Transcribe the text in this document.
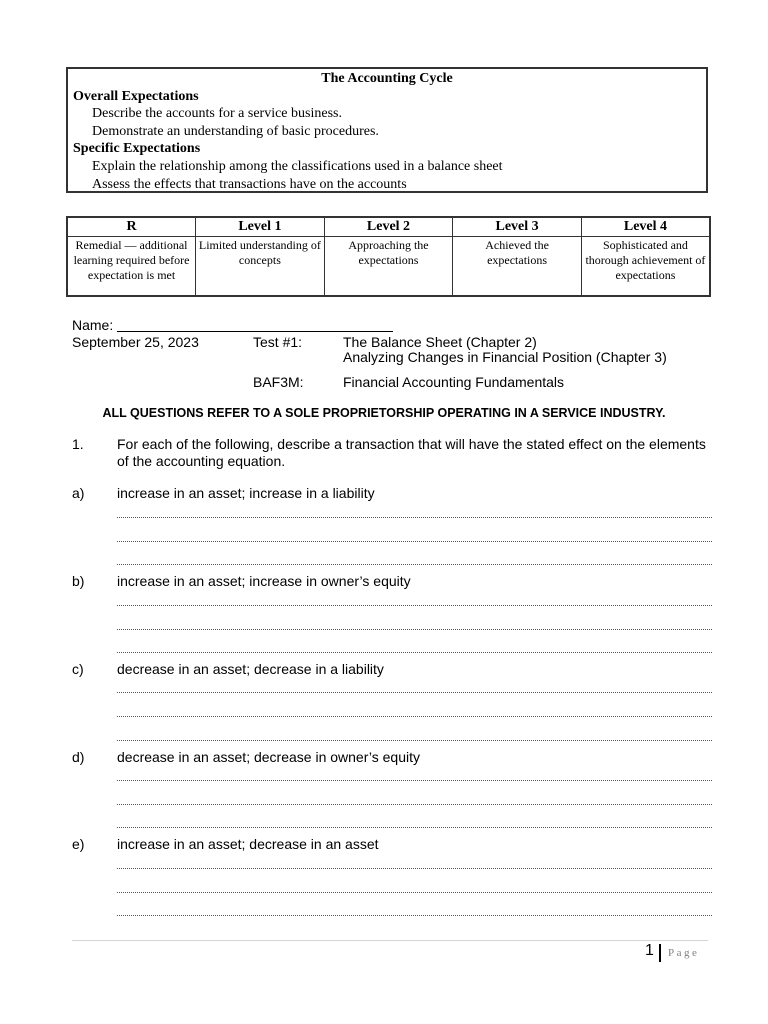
The Accounting Cycle
Overall Expectations
Describe the accounts for a service business.
Demonstrate an understanding of basic procedures.
Specific Expectations
Explain the relationship among the classifications used in a balance sheet
Assess the effects that transactions have on the accounts
R	Level 1	Level 2	Level 3	Level 4
Remedial — additional learning required before expectation is met	Limited understanding of concepts	Approaching the expectations	Achieved the expectations	Sophisticated and thorough achievement of expectations
Name:
September 25, 2023	Test #1:	The Balance Sheet (Chapter 2)
Analyzing Changes in Financial Position (Chapter 3)
BAF3M:	Financial Accounting Fundamentals
ALL QUESTIONS REFER TO A SOLE PROPRIETORSHIP OPERATING IN A SERVICE INDUSTRY.
1. For each of the following, describe a transaction that will have the stated effect on the elements of the accounting equation.
a) increase in an asset; increase in a liability
b) increase in an asset; increase in owner’s equity
c) decrease in an asset; decrease in a liability
d) decrease in an asset; decrease in owner’s equity
e) increase in an asset; decrease in an asset
1 Page
